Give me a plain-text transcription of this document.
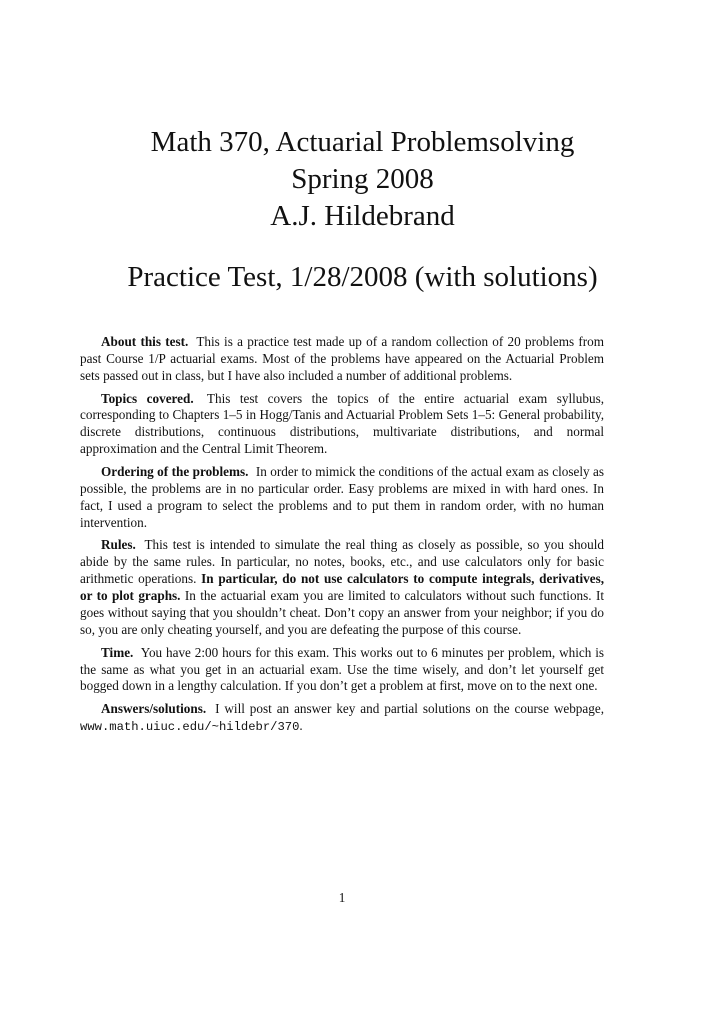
Math 370, Actuarial Problemsolving
Spring 2008
A.J. Hildebrand
Practice Test, 1/28/2008 (with solutions)

About this test. This is a practice test made up of a random collection of 20 problems from past Course 1/P actuarial exams. Most of the problems have appeared on the Actuarial Problem sets passed out in class, but I have also included a number of additional problems.

Topics covered. This test covers the topics of the entire actuarial exam syllubus, corresponding to Chapters 1–5 in Hogg/Tanis and Actuarial Problem Sets 1–5: General probability, discrete distributions, continuous distributions, multivariate distributions, and normal approximation and the Central Limit Theorem.

Ordering of the problems. In order to mimick the conditions of the actual exam as closely as possible, the problems are in no particular order. Easy problems are mixed in with hard ones. In fact, I used a program to select the problems and to put them in random order, with no human intervention.

Rules. This test is intended to simulate the real thing as closely as possible, so you should abide by the same rules. In particular, no notes, books, etc., and use calculators only for basic arithmetic operations. In particular, do not use calculators to compute integrals, derivatives, or to plot graphs. In the actuarial exam you are limited to calculators without such functions. It goes without saying that you shouldn’t cheat. Don’t copy an answer from your neighbor; if you do so, you are only cheating yourself, and you are defeating the purpose of this course.

Time. You have 2:00 hours for this exam. This works out to 6 minutes per problem, which is the same as what you get in an actuarial exam. Use the time wisely, and don’t let yourself get bogged down in a lengthy calculation. If you don’t get a problem at first, move on to the next one.

Answers/solutions. I will post an answer key and partial solutions on the course webpage, www.math.uiuc.edu/~hildebr/370.

1
